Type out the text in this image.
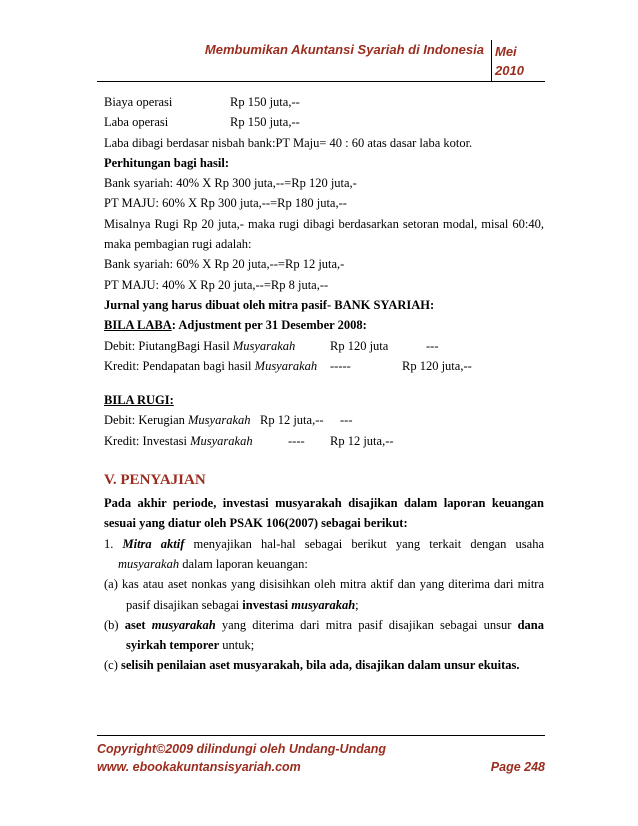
Membumikan Akuntansi Syariah di Indonesia Mei
2010
Biaya operasi	Rp 150 juta,--
Laba operasi	Rp 150 juta,--
Laba dibagi berdasar nisbah bank:PT Maju= 40 : 60 atas dasar laba kotor.
Perhitungan bagi hasil:
Bank syariah: 40% X Rp 300 juta,--=Rp 120 juta,-
PT MAJU: 60% X Rp 300 juta,--=Rp 180 juta,--
Misalnya Rugi Rp 20 juta,- maka rugi dibagi berdasarkan setoran modal, misal 60:40,
maka pembagian rugi adalah:
Bank syariah: 60% X Rp 20 juta,--=Rp 12 juta,-
PT MAJU: 40% X Rp 20 juta,--=Rp 8 juta,--
Jurnal yang harus dibuat oleh mitra pasif- BANK SYARIAH:
BILA LABA: Adjustment per 31 Desember 2008:
Debit: PiutangBagi Hasil Musyarakah	Rp 120 juta	---
Kredit: Pendapatan bagi hasil Musyarakah -----	Rp 120 juta,--
BILA RUGI:
Debit: Kerugian Musyarakah Rp 12 juta,-- ---
Kredit: Investasi Musyarakah	---- Rp 12 juta,--
V. PENYAJIAN
Pada akhir periode, investasi musyarakah disajikan dalam laporan keuangan
sesuai yang diatur oleh PSAK 106(2007) sebagai berikut:
1. Mitra aktif menyajikan hal-hal sebagai berikut yang terkait dengan usaha
musyarakah dalam laporan keuangan:
(a) kas atau aset nonkas yang disisihkan oleh mitra aktif dan yang diterima dari mitra
pasif disajikan sebagai investasi musyarakah;
(b) aset musyarakah yang diterima dari mitra pasif disajikan sebagai unsur dana
syirkah temporer untuk;
(c) selisih penilaian aset musyarakah, bila ada, disajikan dalam unsur ekuitas.
Copyright©2009 dilindungi oleh Undang-Undang
www. ebookakuntansisyariah.com	Page 248
